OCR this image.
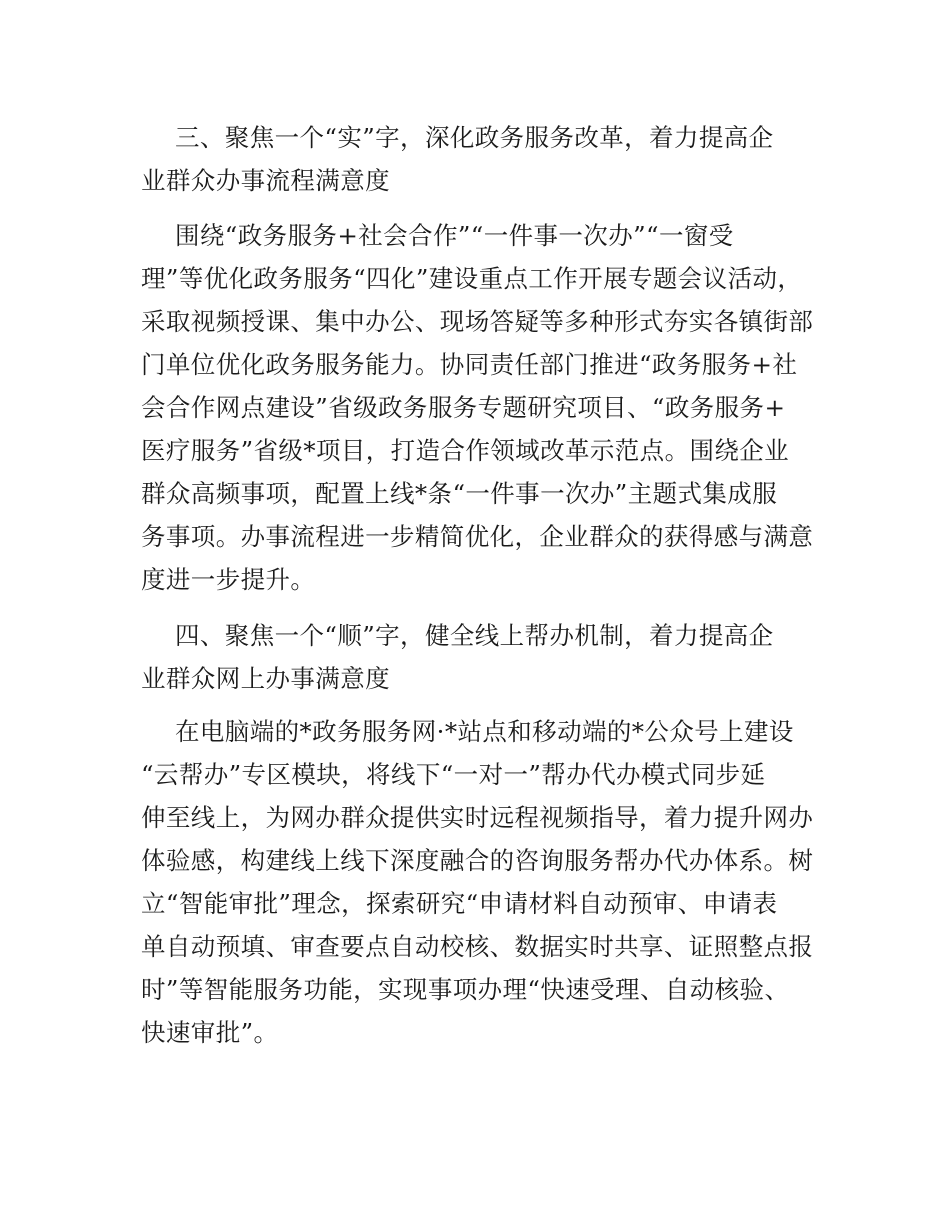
三、聚焦一个“实”字，深化政务服务改革，着力提高企
业群众办事流程满意度
围绕“政务服务+社会合作”“一件事一次办”“一窗受
理”等优化政务服务“四化”建设重点工作开展专题会议活动，
采取视频授课、集中办公、现场答疑等多种形式夯实各镇街部
门单位优化政务服务能力。协同责任部门推进“政务服务+社
会合作网点建设”省级政务服务专题研究项目、“政务服务+
医疗服务”省级*项目，打造合作领域改革示范点。围绕企业
群众高频事项，配置上线*条“一件事一次办”主题式集成服
务事项。办事流程进一步精简优化，企业群众的获得感与满意
度进一步提升。
四、聚焦一个“顺”字，健全线上帮办机制，着力提高企
业群众网上办事满意度
在电脑端的*政务服务网·*站点和移动端的*公众号上建设
“云帮办”专区模块，将线下“一对一”帮办代办模式同步延
伸至线上，为网办群众提供实时远程视频指导，着力提升网办
体验感，构建线上线下深度融合的咨询服务帮办代办体系。树
立“智能审批”理念，探索研究“申请材料自动预审、申请表
单自动预填、审查要点自动校核、数据实时共享、证照整点报
时”等智能服务功能，实现事项办理“快速受理、自动核验、
快速审批”。
